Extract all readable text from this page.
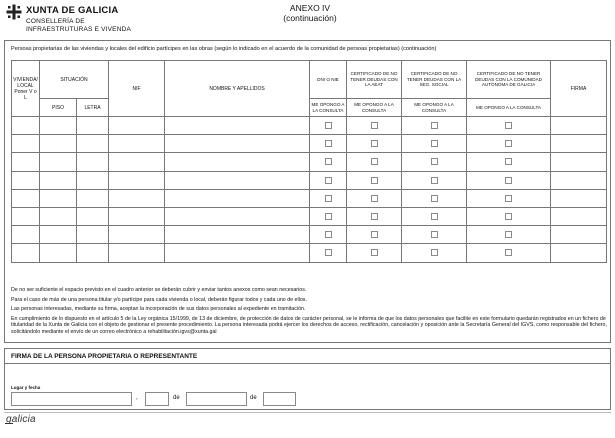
XUNTA DE GALICIA
CONSELLERÍA DE
INFRAESTRUTURAS E VIVENDA
ANEXO IV
(continuación)
Persoas propietarias de las viviendas y locales del edificio partícipes en las obras (según lo indicado en el acuerdo de la comunidad de persoas propietarias) (continuación)
VIVIENDA/ LOCAL
Poner V o L	SITUACIÓN		NIF	NOMBRE Y APELLIDOS	DNI O NIE	CERTIFICADO DE NO TENER DEUDAS CON LA AEAT	CERTIFICADO DE NO TENER DEUDAS CON LA SEG. SOCIAL	CERTIFICADO DE NO TENER DEUDAS CON LA COMUNIDAD AUTÓNOMA DE GALICIA	FIRMA
					ME OPONGO A LA CONSULTA	ME OPONGO A LA CONSULTA	ME OPONGO A LA CONSULTA	ME OPONGO A LA CONSULTA	
	PISO	LETRA							

De no ser suficiente el espacio previsto en el cuadro anterior se deberán cubrir y enviar tantos anexos como sean necesarios.

Para el caso de más de una persona titular y/o partícipe para cada vivienda o local, deberán figurar todos y cada uno de ellos.

Las personas interesadas, mediante su firma, aceptan la incorporación de sus datos personales al expediente en tramitación.

En cumplimiento de lo dispuesto en el artículo 5 de la Ley orgánica 15/1999, de 13 de diciembre, de protección de datos de carácter personal, se le informa de que los datos personales que facilite en este formulario quedarán registrados en un fichero de titularidad de la Xunta de Galicia con el objeto de gestionar el presente procedimiento. La persona interesada podrá ejercer los derechos de acceso, rectificación, cancelación y oposición ante la Secretaría General del IGVS, como responsable del fichero, solicitándolo mediante el envío de un correo electrónico a rehabilitación.igvs@xunta.gal

FIRMA DE LA PERSONA PROPIETARIA O REPRESENTANTE
Lugar y fecha
,	de	de
galicia
